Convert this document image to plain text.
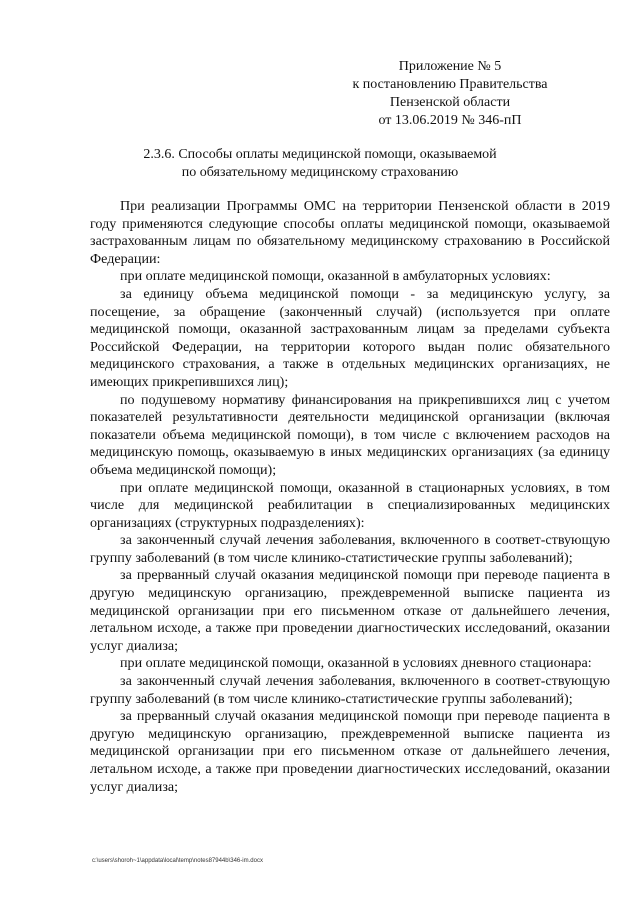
Приложение № 5
к постановлению Правительства
Пензенской области
от 13.06.2019 № 346-пП
2.3.6. Способы оплаты медицинской помощи, оказываемой
по обязательному медицинскому страхованию

При реализации Программы ОМС на территории Пензенской области в 2019 году применяются следующие способы оплаты медицинской помощи, оказываемой застрахованным лицам по обязательному медицинскому страхованию в Российской Федерации:

при оплате медицинской помощи, оказанной в амбулаторных условиях:

за единицу объема медицинской помощи - за медицинскую услугу, за посещение, за обращение (законченный случай) (используется при оплате медицинской помощи, оказанной застрахованным лицам за пределами субъекта Российской Федерации, на территории которого выдан полис обязательного медицинского страхования, а также в отдельных медицинских организациях, не имеющих прикрепившихся лиц);

по подушевому нормативу финансирования на прикрепившихся лиц с учетом показателей результативности деятельности медицинской организации (включая показатели объема медицинской помощи), в том числе с включением расходов на медицинскую помощь, оказываемую в иных медицинских организациях (за единицу объема медицинской помощи);

при оплате медицинской помощи, оказанной в стационарных условиях, в том числе для медицинской реабилитации в специализированных медицинских организациях (структурных подразделениях):

за законченный случай лечения заболевания, включенного в соответ-ствующую группу заболеваний (в том числе клинико-статистические группы заболеваний);

за прерванный случай оказания медицинской помощи при переводе пациента в другую медицинскую организацию, преждевременной выписке пациента из медицинской организации при его письменном отказе от дальнейшего лечения, летальном исходе, а также при проведении диагностических исследований, оказании услуг диализа;

при оплате медицинской помощи, оказанной в условиях дневного стационара:

за законченный случай лечения заболевания, включенного в соответ-ствующую группу заболеваний (в том числе клинико-статистические группы заболеваний);

за прерванный случай оказания медицинской помощи при переводе пациента в другую медицинскую организацию, преждевременной выписке пациента из медицинской организации при его письменном отказе от дальнейшего лечения, летальном исходе, а также при проведении диагностических исследований, оказании услуг диализа;

c:\users\shoroh~1\appdata\local\temp\notes87944b\346-im.docx
